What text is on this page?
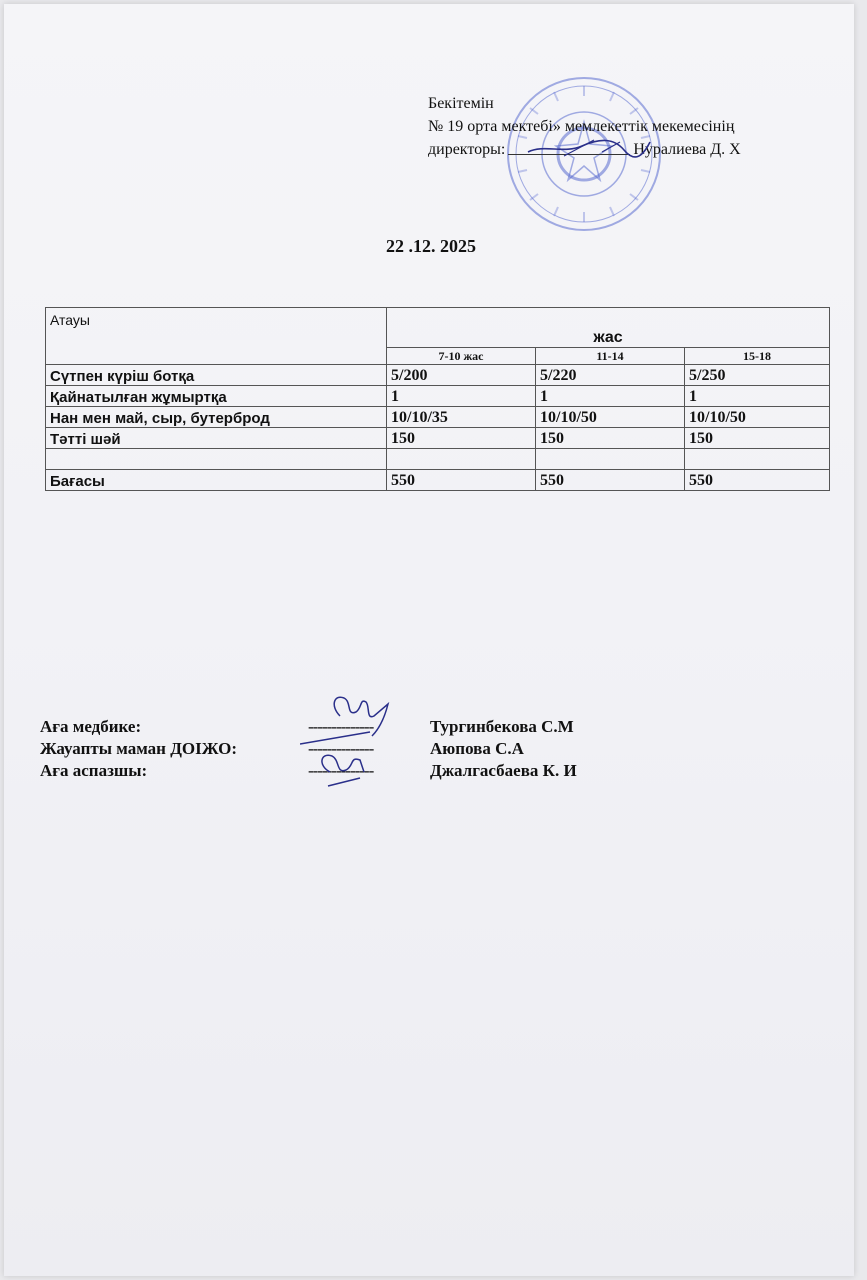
Бекітемін
№ 19 орта мектебі» мемлекеттік мекемесінің
директоры:	Нуралиева Д. Х
22 .12. 2025
Атауы	жас		
	7-10 жас	11-14	15-18
Сүтпен күріш ботқа	5/200	5/220	5/250
Қайнатылған жұмыртқа	1	1	1
Нан мен май, сыр, бутерброд	10/10/35	10/10/50	10/10/50
Тәтті шәй	150	150	150

Бағасы	550	550	550
Аға медбике:	--------------	Тургинбекова С.М
Жауапты маман ДОІЖО:	--------------	Аюпова С.А
Аға аспазшы:	--------------	Джалгасбаева К. И
